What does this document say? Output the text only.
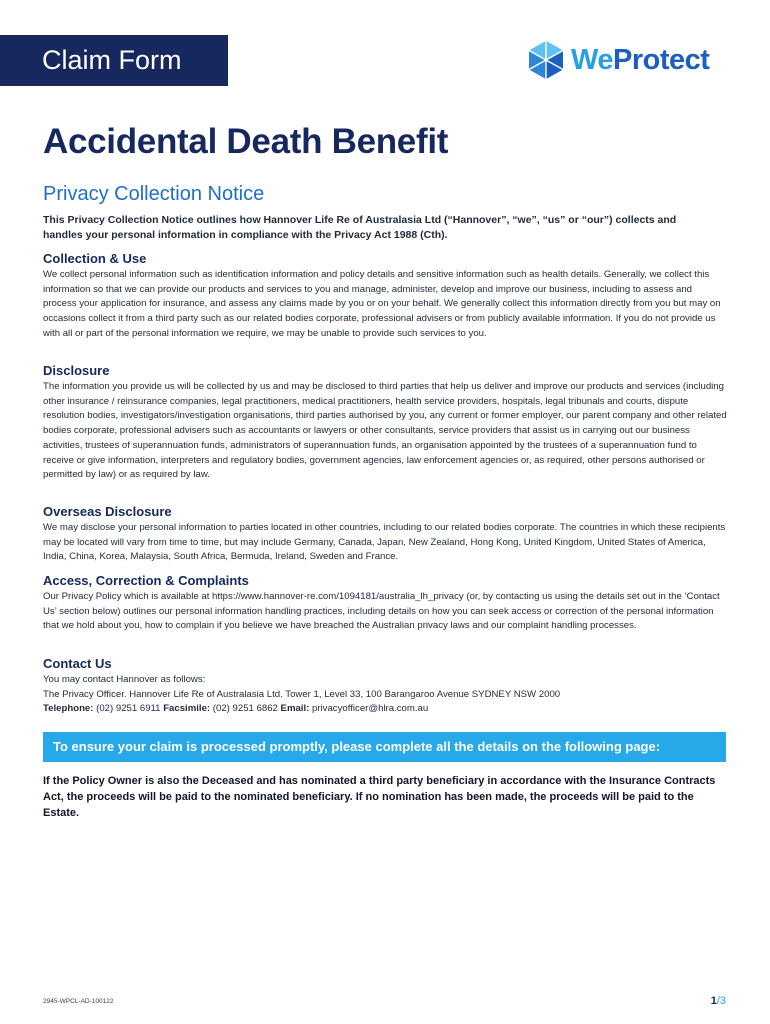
Claim Form	WeProtect
Accidental Death Benefit
Privacy Collection Notice

This Privacy Collection Notice outlines how Hannover Life Re of Australasia Ltd (“Hannover”, “we”, “us” or “our”) collects and handles your personal information in compliance with the Privacy Act 1988 (Cth).

Collection & Use

We collect personal information such as identification information and policy details and sensitive information such as health details. Generally, we collect this information so that we can provide our products and services to you and manage, administer, develop and improve our business, including to assess and process your application for insurance, and assess any claims made by you or on your behalf. We generally collect this information directly from you but may on occasions collect it from a third party such as our related bodies corporate, professional advisers or from publicly available information. If you do not provide us with all or part of the personal information we require, we may be unable to provide such services to you.

Disclosure

The information you provide us will be collected by us and may be disclosed to third parties that help us deliver and improve our products and services (including other insurance / reinsurance companies, legal practitioners, medical practitioners, health service providers, hospitals, legal tribunals and courts, dispute resolution bodies, investigators/investigation organisations, third parties authorised by you, any current or former employer, our parent company and other related bodies corporate, professional advisers such as accountants or lawyers or other consultants, service providers that assist us in carrying out our business activities, trustees of superannuation funds, administrators of superannuation funds, an organisation appointed by the trustees of a superannuation fund to receive or give information, interpreters and regulatory bodies, government agencies, law enforcement agencies or, as required, other persons authorised or permitted by law) or as required by law.

Overseas Disclosure

We may disclose your personal information to parties located in other countries, including to our related bodies corporate. The countries in which these recipients may be located will vary from time to time, but may include Germany, Canada, Japan, New Zealand, Hong Kong, United Kingdom, United States of America, India, China, Korea, Malaysia, South Africa, Bermuda, Ireland, Sweden and France.

Access, Correction & Complaints

Our Privacy Policy which is available at https://www.hannover-re.com/1094181/australia_lh_privacy (or, by contacting us using the details set out in the ‘Contact Us’ section below) outlines our personal information handling practices, including details on how you can seek access or correction of the personal information that we hold about you, how to complain if you believe we have breached the Australian privacy laws and our complaint handling processes.

Contact Us

You may contact Hannover as follows:

The Privacy Officer. Hannover Life Re of Australasia Ltd. Tower 1, Level 33, 100 Barangaroo Avenue SYDNEY NSW 2000

Telephone: (02) 9251 6911 Facsimile: (02) 9251 6862 Email: privacyofficer@hlra.com.au

To ensure your claim is processed promptly, please complete all the details on the following page:

If the Policy Owner is also the Deceased and has nominated a third party beneficiary in accordance with the Insurance Contracts Act, the proceeds will be paid to the nominated beneficiary. If no nomination has been made, the proceeds will be paid to the Estate.

2945-WPCL-AD-100122	1/3
